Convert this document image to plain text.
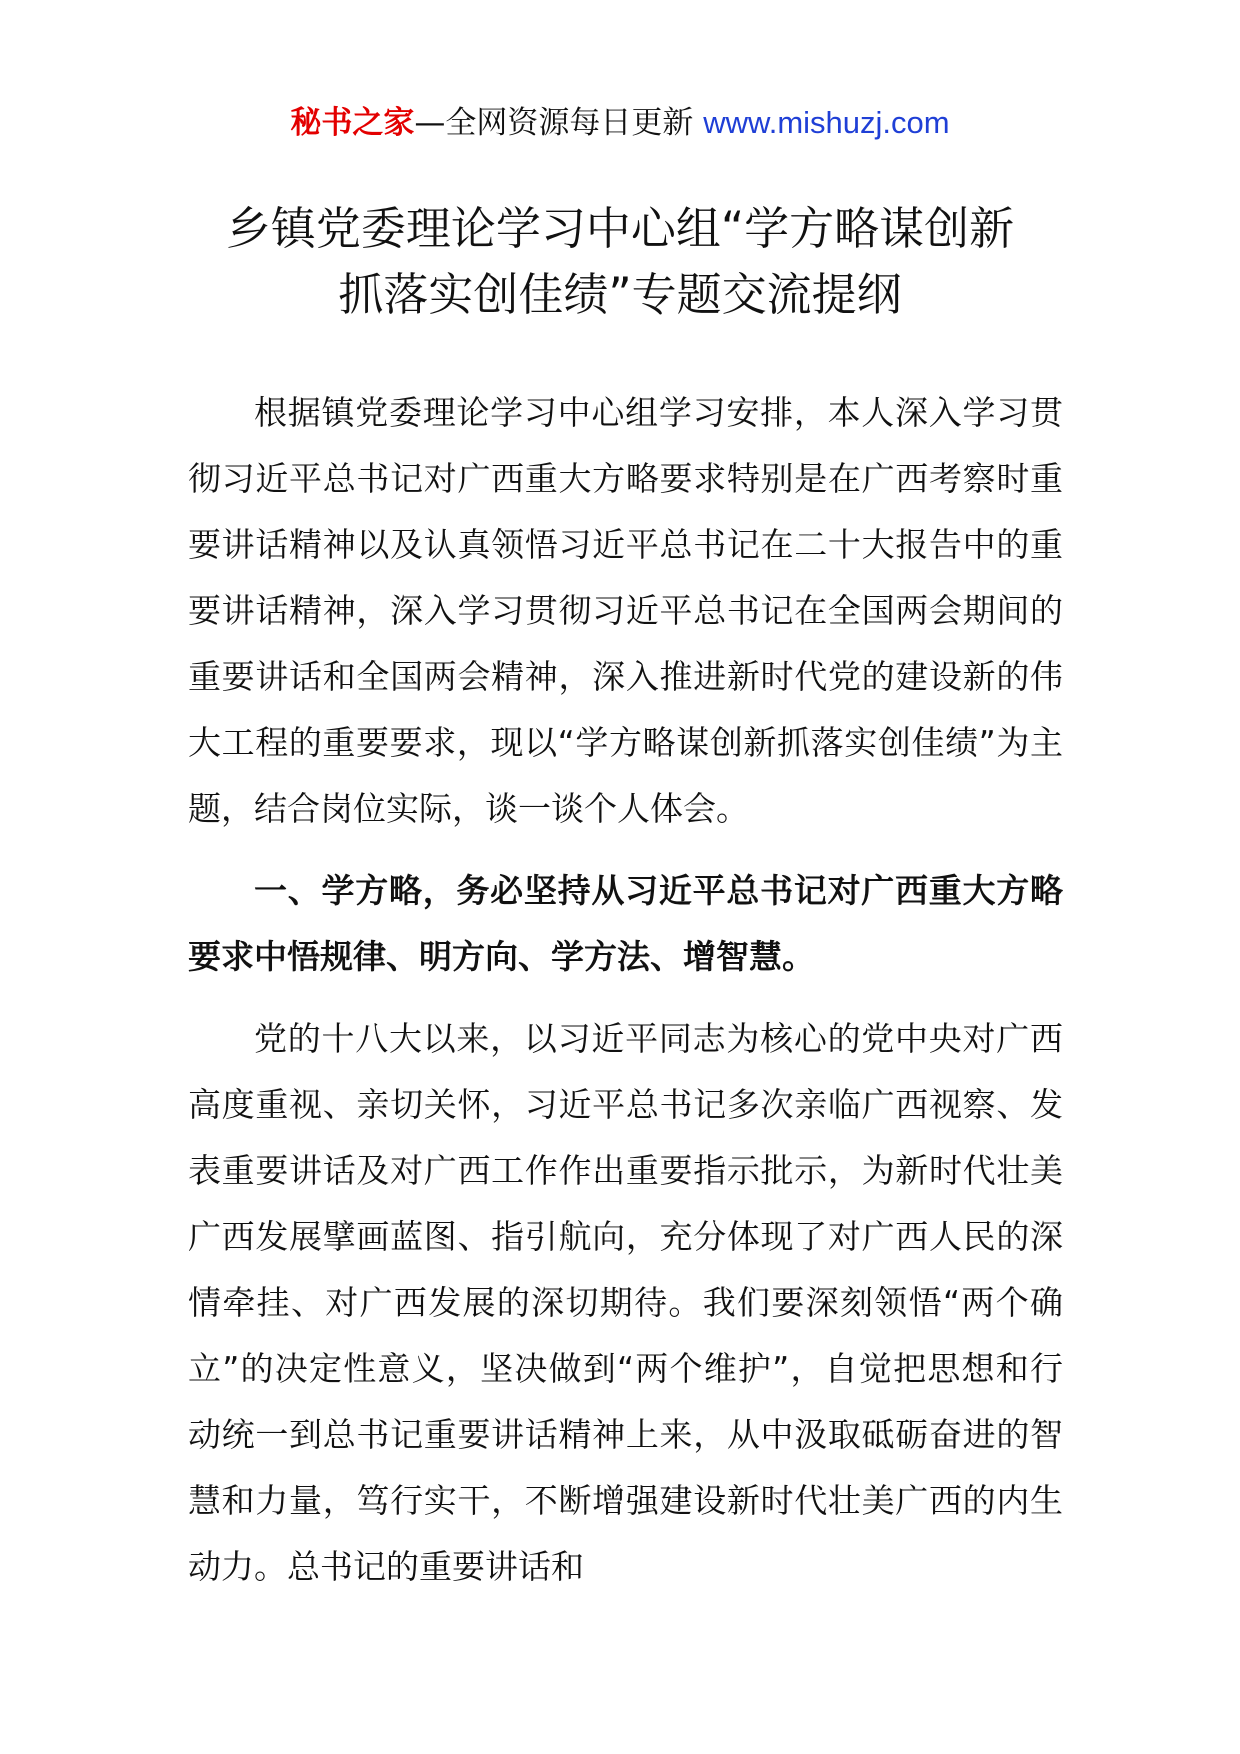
秘书之家—全网资源每日更新 www.mishuzj.com
乡镇党委理论学习中心组“学方略谋创新
抓落实创佳绩”专题交流提纲

根据镇党委理论学习中心组学习安排，本人深入学习贯彻习近平总书记对广西重大方略要求特别是在广西考察时重要讲话精神以及认真领悟习近平总书记在二十大报告中的重要讲话精神，深入学习贯彻习近平总书记在全国两会期间的重要讲话和全国两会精神，深入推进新时代党的建设新的伟大工程的重要要求，现以“学方略谋创新抓落实创佳绩”为主题，结合岗位实际，谈一谈个人体会。

一、学方略，务必坚持从习近平总书记对广西重大方略要求中悟规律、明方向、学方法、增智慧。

党的十八大以来，以习近平同志为核心的党中央对广西高度重视、亲切关怀，习近平总书记多次亲临广西视察、发表重要讲话及对广西工作作出重要指示批示，为新时代壮美广西发展擘画蓝图、指引航向，充分体现了对广西人民的深情牵挂、对广西发展的深切期待。我们要深刻领悟“两个确立”的决定性意义，坚决做到“两个维护”，自觉把思想和行动统一到总书记重要讲话精神上来，从中汲取砥砺奋进的智慧和力量，笃行实干，不断增强建设新时代壮美广西的内生动力。总书记的重要讲话和
